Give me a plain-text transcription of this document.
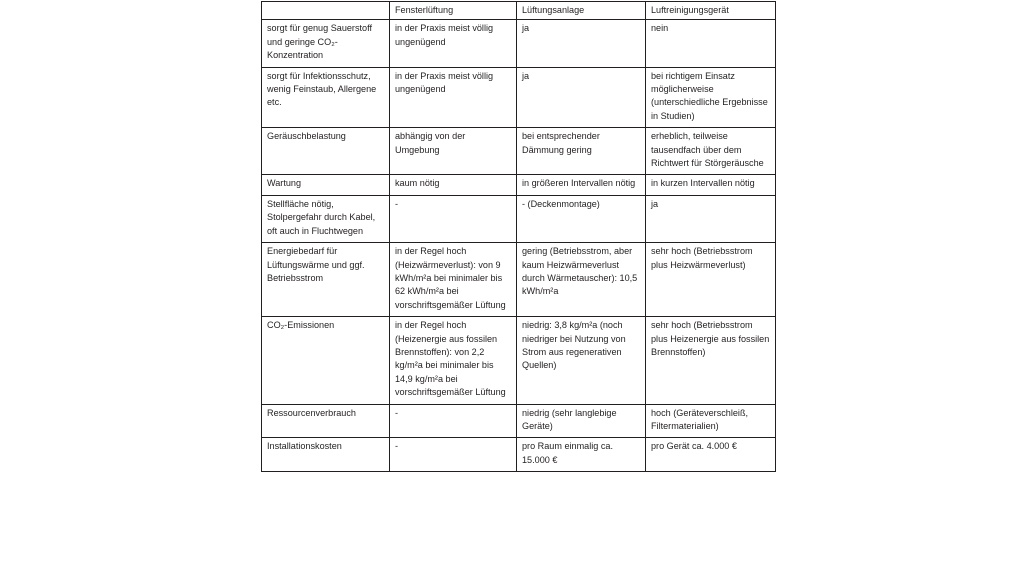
	Fensterlüftung	Lüftungsanlage	Luftreinigungsgerät
sorgt für genug Sauerstoff und geringe CO₂-Konzentration	in der Praxis meist völlig ungenügend	ja	nein
sorgt für Infektionsschutz, wenig Feinstaub, Allergene etc.	in der Praxis meist völlig ungenügend	ja	bei richtigem Einsatz möglicherweise (unterschiedliche Ergebnisse in Studien)
Geräuschbelastung	abhängig von der Umgebung	bei entsprechender Dämmung gering	erheblich, teilweise tausendfach über dem Richtwert für Störgeräusche
Wartung	kaum nötig	in größeren Intervallen nötig	in kurzen Intervallen nötig
Stellfläche nötig, Stolpergefahr durch Kabel, oft auch in Fluchtwegen	-	- (Deckenmontage)	ja
Energiebedarf für Lüftungswärme und ggf. Betriebsstrom	in der Regel hoch (Heizwärmeverlust): von 9 kWh/m²a bei minimaler bis 62 kWh/m²a bei vorschriftsgemäßer Lüftung	gering (Betriebsstrom, aber kaum Heizwärmeverlust durch Wärmetauscher): 10,5 kWh/m²a	sehr hoch (Betriebsstrom plus Heizwärmeverlust)
CO₂-Emissionen	in der Regel hoch (Heizenergie aus fossilen Brennstoffen): von 2,2 kg/m²a bei minimaler bis 14,9 kg/m²a bei vorschriftsgemäßer Lüftung	niedrig: 3,8 kg/m²a (noch niedriger bei Nutzung von Strom aus regenerativen Quellen)	sehr hoch (Betriebsstrom plus Heizenergie aus fossilen Brennstoffen)
Ressourcenverbrauch	-	niedrig (sehr langlebige Geräte)	hoch (Geräteverschleiß, Filtermaterialien)
Installationskosten	-	pro Raum einmalig ca. 15.000 €	pro Gerät ca. 4.000 €
